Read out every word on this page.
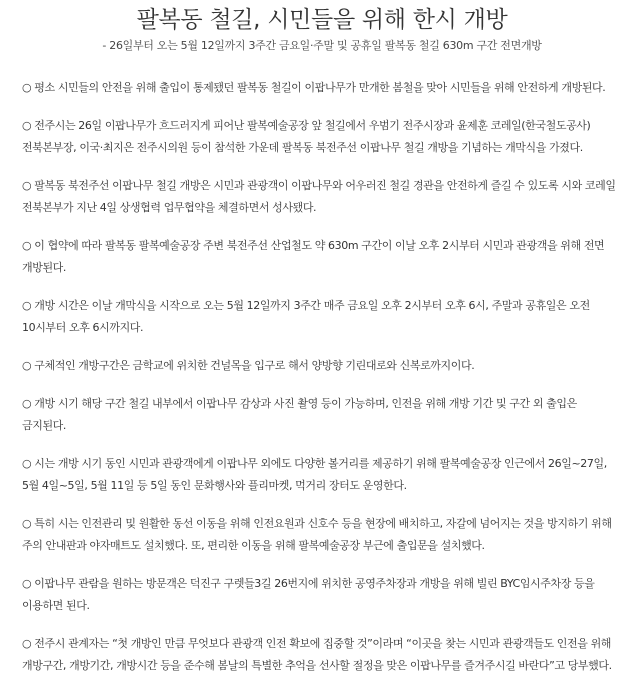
팔복동 철길, 시민들을 위해 한시 개방

- 26일부터 오는 5월 12일까지 3주간 금요일·주말 및 공휴일 팔복동 철길 630m 구간 전면개방

○ 평소 시민들의 안전을 위해 출입이 통제됐던 팔복동 철길이 이팝나무가 만개한 봄철을 맞아 시민들을 위해 안전하게 개방된다.

○ 전주시는 26일 이팝나무가 흐드러지게 피어난 팔복예술공장 앞 철길에서 우범기 전주시장과 윤제훈 코레일(한국철도공사) 전북본부장, 이국·최지은 전주시의원 등이 참석한 가운데 팔복동 북전주선 이팝나무 철길 개방을 기념하는 개막식을 가졌다.

○ 팔복동 북전주선 이팝나무 철길 개방은 시민과 관광객이 이팝나무와 어우러진 철길 경관을 안전하게 즐길 수 있도록 시와 코레일 전북본부가 지난 4일 상생협력 업무협약을 체결하면서 성사됐다.

○ 이 협약에 따라 팔복동 팔복예술공장 주변 북전주선 산업철도 약 630m 구간이 이날 오후 2시부터 시민과 관광객을 위해 전면 개방된다.

○ 개방 시간은 이날 개막식을 시작으로 오는 5월 12일까지 3주간 매주 금요일 오후 2시부터 오후 6시, 주말과 공휴일은 오전 10시부터 오후 6시까지다.

○ 구체적인 개방구간은 금학교에 위치한 건널목을 입구로 해서 양방향 기린대로와 신복로까지이다.

○ 개방 시기 해당 구간 철길 내부에서 이팝나무 감상과 사진 촬영 등이 가능하며, 인전을 위해 개방 기간 및 구간 외 출입은 금지된다.

○ 시는 개방 시기 동인 시민과 관광객에게 이팝나무 외에도 다양한 볼거리를 제공하기 위해 팔복예술공장 인근에서 26일~27일, 5월 4일~5일, 5월 11일 등 5일 동인 문화행사와 플리마켓, 먹거리 장터도 운영한다.

○ 특히 시는 인전관리 및 원활한 동선 이동을 위해 인전요원과 신호수 등을 현장에 배치하고, 자갈에 넘어지는 것을 방지하기 위해 주의 안내판과 야자매트도 설치했다. 또, 편리한 이동을 위해 팔복예술공장 부근에 출입문을 설치했다.

○ 이팝나무 관람을 원하는 방문객은 덕진구 구렛들3길 26번지에 위치한 공영주차장과 개방을 위해 빌린 BYC임시주차장 등을 이용하면 된다.

○ 전주시 관계자는 “첫 개방인 만큼 무엇보다 관광객 인전 확보에 집중할 것”이라며 “이곳을 찾는 시민과 관광객들도 인전을 위해 개방구간, 개방기간, 개방시간 등을 준수해 봄날의 특별한 추억을 선사할 절정을 맞은 이팝나무를 즐겨주시길 바란다”고 당부했다.
